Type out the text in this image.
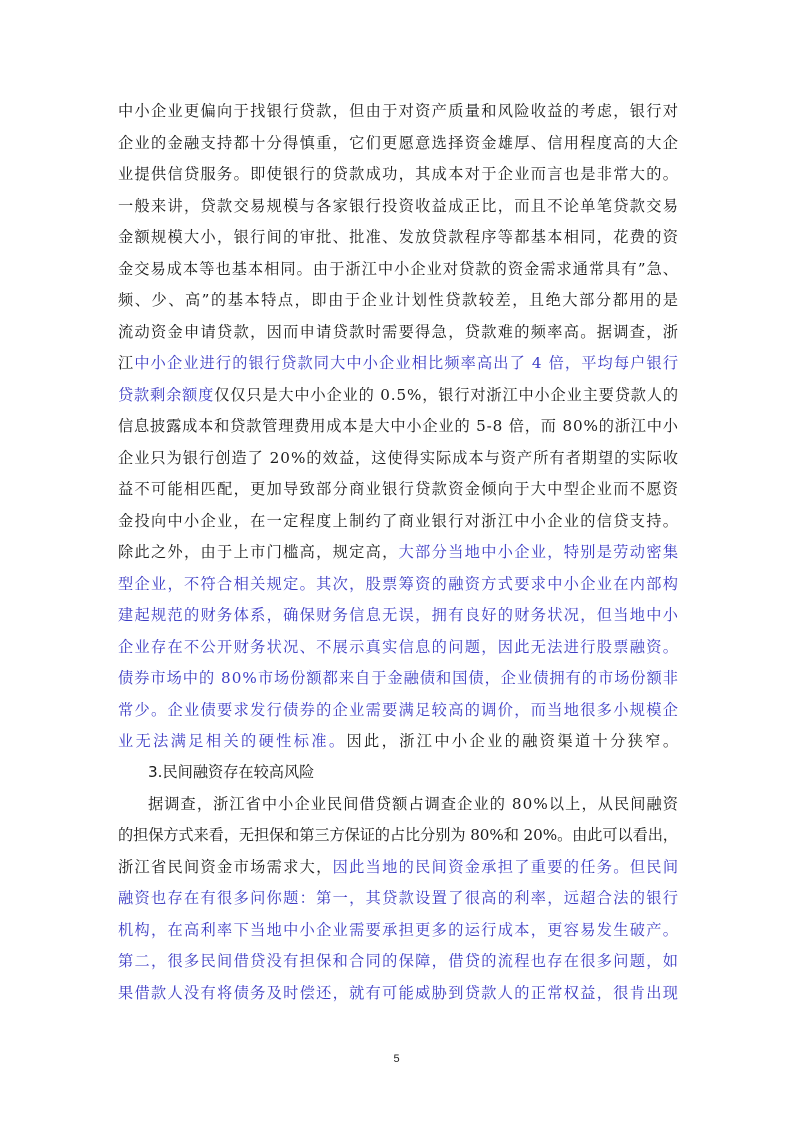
中小企业更偏向于找银行贷款，但由于对资产质量和风险收益的考虑，银行对
企业的金融支持都十分得慎重，它们更愿意选择资金雄厚、信用程度高的大企
业提供信贷服务。即使银行的贷款成功，其成本对于企业而言也是非常大的。
一般来讲，贷款交易规模与各家银行投资收益成正比，而且不论单笔贷款交易
金额规模大小，银行间的审批、批准、发放贷款程序等都基本相同，花费的资
金交易成本等也基本相同。由于浙江中小企业对贷款的资金需求通常具有”急、
频、少、高”的基本特点，即由于企业计划性贷款较差，且绝大部分都用的是
流动资金申请贷款，因而申请贷款时需要得急，贷款难的频率高。据调查，浙
江中小企业进行的银行贷款同大中小企业相比频率高出了 4 倍，平均每户银行
贷款剩余额度仅仅只是大中小企业的 0.5%，银行对浙江中小企业主要贷款人的
信息披露成本和贷款管理费用成本是大中小企业的 5-8 倍，而 80%的浙江中小
企业只为银行创造了 20%的效益，这使得实际成本与资产所有者期望的实际收
益不可能相匹配，更加导致部分商业银行贷款资金倾向于大中型企业而不愿资
金投向中小企业，在一定程度上制约了商业银行对浙江中小企业的信贷支持。
除此之外，由于上市门槛高，规定高，大部分当地中小企业，特别是劳动密集
型企业，不符合相关规定。其次，股票筹资的融资方式要求中小企业在内部构
建起规范的财务体系，确保财务信息无误，拥有良好的财务状况，但当地中小
企业存在不公开财务状况、不展示真实信息的问题，因此无法进行股票融资。
债券市场中的 80%市场份额都来自于金融债和国债，企业债拥有的市场份额非
常少。企业债要求发行债券的企业需要满足较高的调价，而当地很多小规模企
业无法满足相关的硬性标准。因此，浙江中小企业的融资渠道十分狭窄。
3.民间融资存在较高风险
据调查，浙江省中小企业民间借贷额占调查企业的 80%以上，从民间融资
的担保方式来看，无担保和第三方保证的占比分别为 80%和 20%。由此可以看出，
浙江省民间资金市场需求大，因此当地的民间资金承担了重要的任务。但民间
融资也存在有很多问你题：第一，其贷款设置了很高的利率，远超合法的银行
机构，在高利率下当地中小企业需要承担更多的运行成本，更容易发生破产。
第二，很多民间借贷没有担保和合同的保障，借贷的流程也存在很多问题，如
果借款人没有将债务及时偿还，就有可能威胁到贷款人的正常权益，很肯出现
5
